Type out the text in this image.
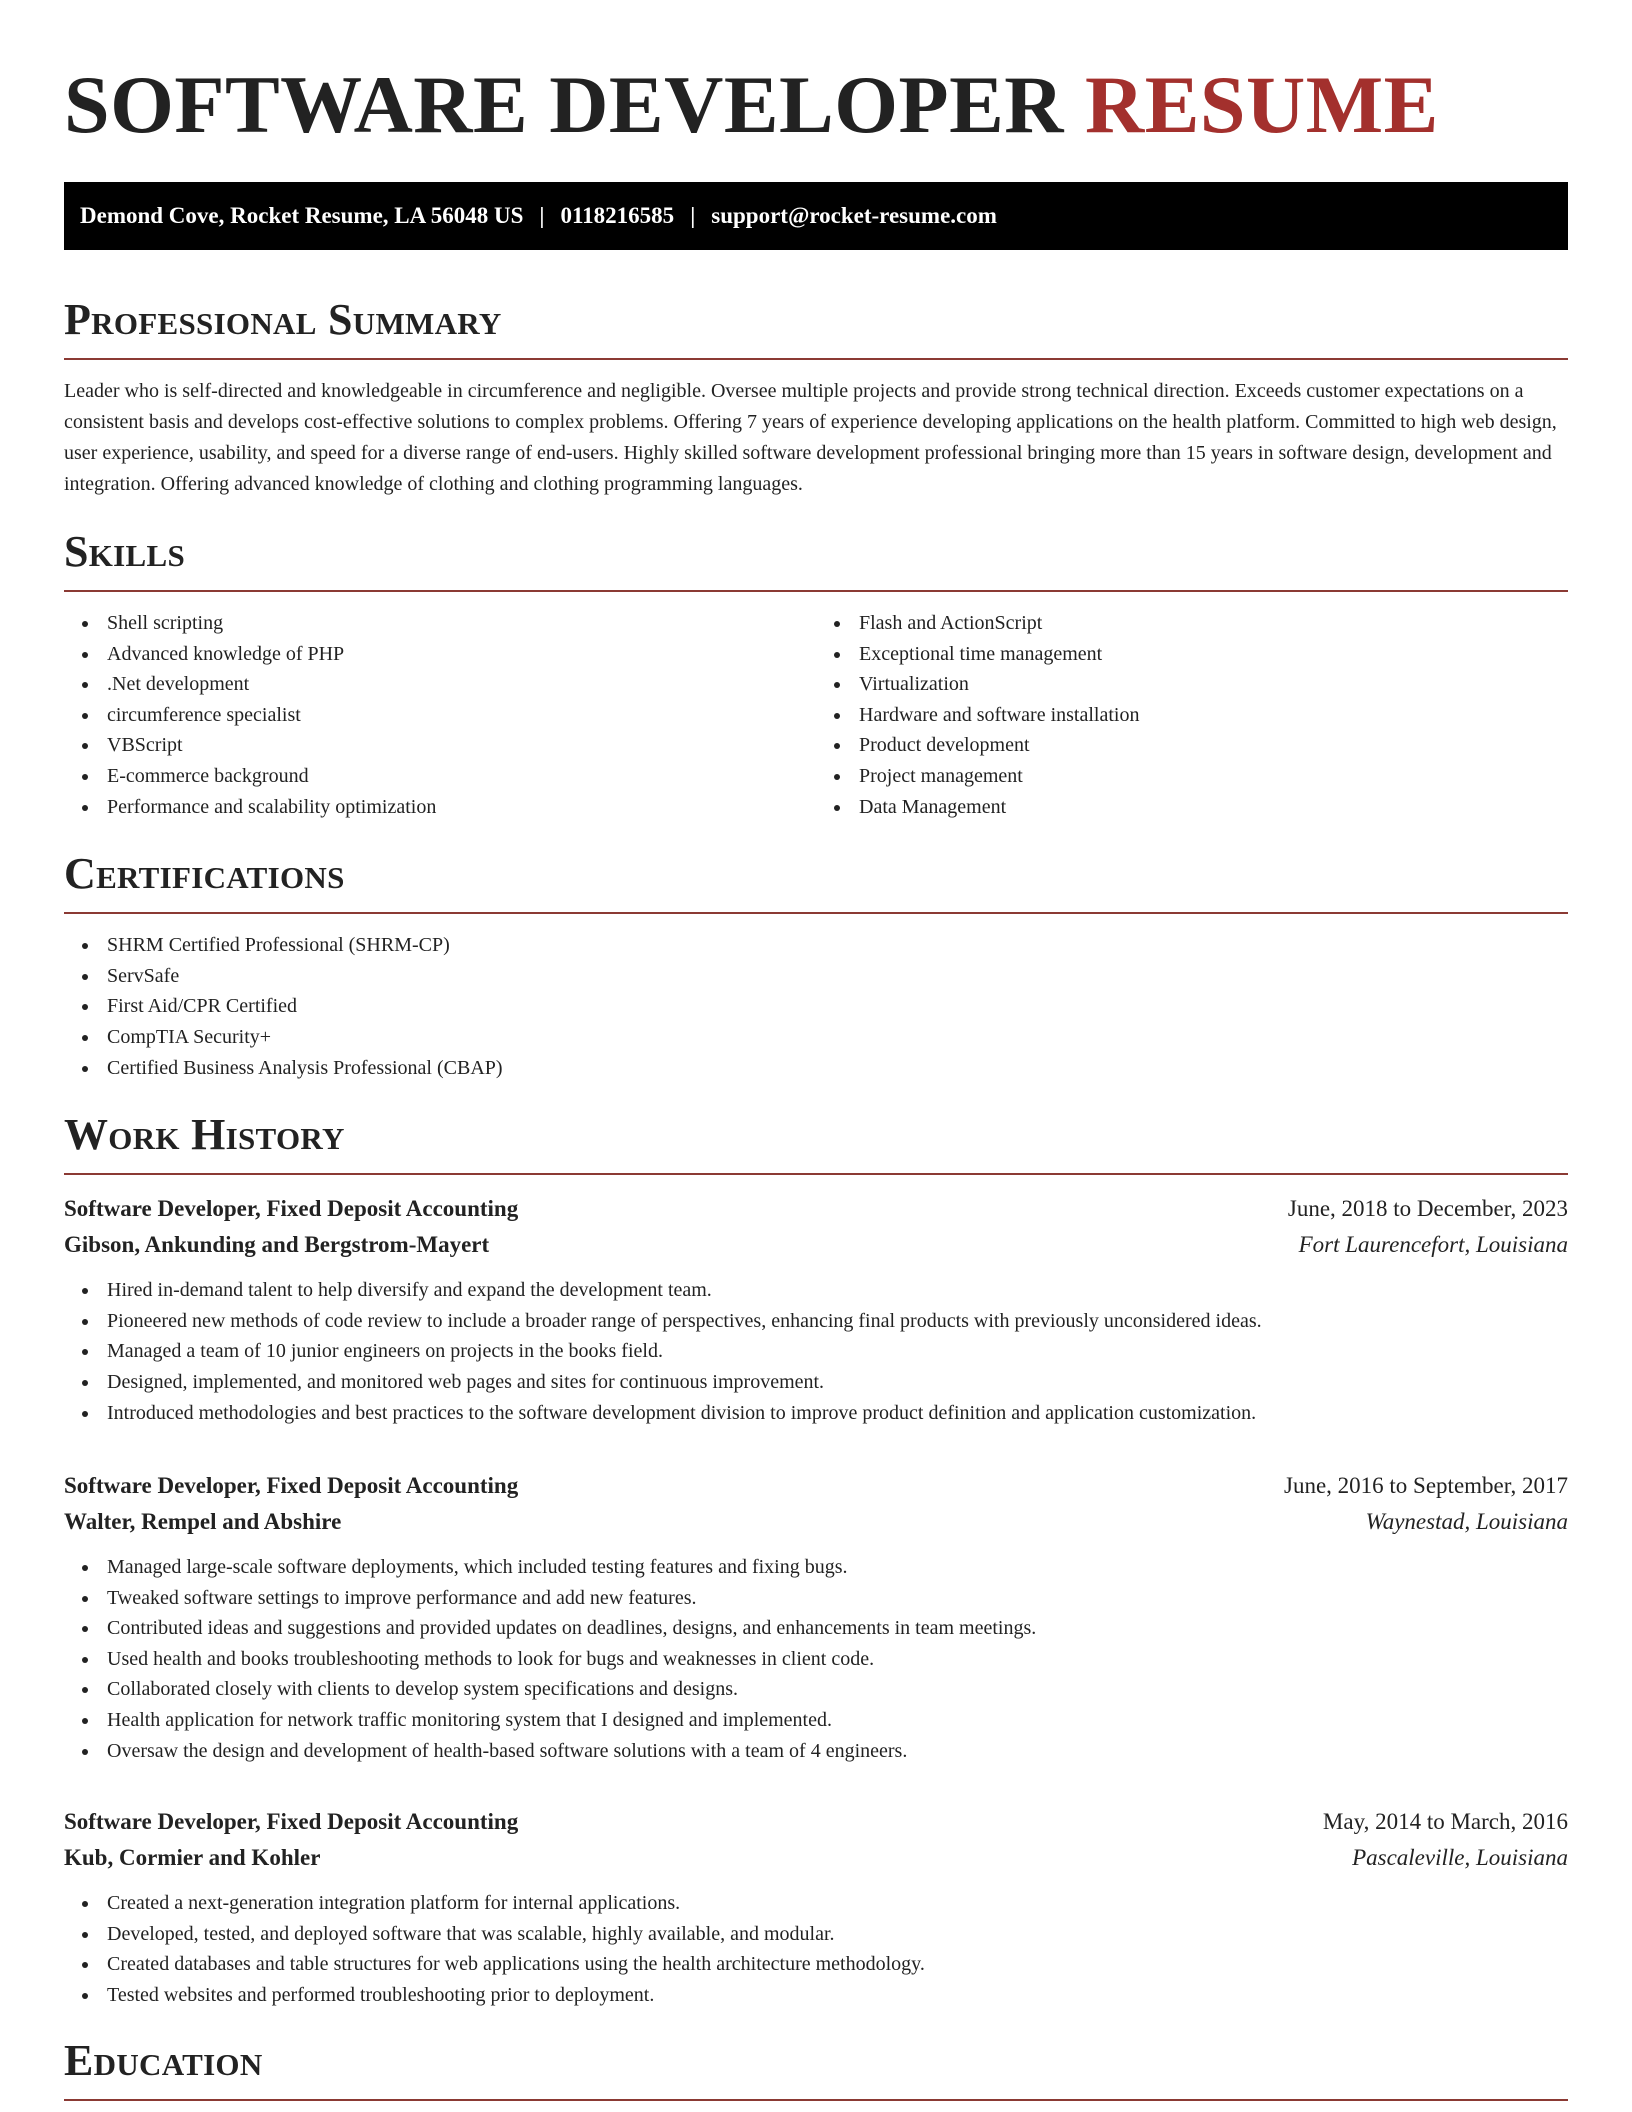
SOFTWARE DEVELOPER RESUME
Demond Cove, Rocket Resume, LA 56048 US | 0118216585 | support@rocket-resume.com
Professional Summary

Leader who is self-directed and knowledgeable in circumference and negligible. Oversee multiple projects and provide strong technical direction. Exceeds customer expectations on a consistent basis and develops cost-effective solutions to complex problems. Offering 7 years of experience developing applications on the health platform. Committed to high web design, user experience, usability, and speed for a diverse range of end-users. Highly skilled software development professional bringing more than 15 years in software design, development and integration. Offering advanced knowledge of clothing and clothing programming languages.

Skills
Shell scripting
Advanced knowledge of PHP
.Net development
circumference specialist
VBScript
E-commerce background
Performance and scalability optimization
Flash and ActionScript
Exceptional time management
Virtualization
Hardware and software installation
Product development
Project management
Data Management
Certifications
SHRM Certified Professional (SHRM-CP)
ServSafe
First Aid/CPR Certified
CompTIA Security+
Certified Business Analysis Professional (CBAP)
Work History
Software Developer, Fixed Deposit Accounting	June, 2018 to December, 2023
Gibson, Ankunding and Bergstrom-Mayert	Fort Laurencefort, Louisiana
Hired in-demand talent to help diversify and expand the development team.
Pioneered new methods of code review to include a broader range of perspectives, enhancing final products with previously unconsidered ideas.
Managed a team of 10 junior engineers on projects in the books field.
Designed, implemented, and monitored web pages and sites for continuous improvement.
Introduced methodologies and best practices to the software development division to improve product definition and application customization.
Software Developer, Fixed Deposit Accounting	June, 2016 to September, 2017
Walter, Rempel and Abshire	Waynestad, Louisiana
Managed large-scale software deployments, which included testing features and fixing bugs.
Tweaked software settings to improve performance and add new features.
Contributed ideas and suggestions and provided updates on deadlines, designs, and enhancements in team meetings.
Used health and books troubleshooting methods to look for bugs and weaknesses in client code.
Collaborated closely with clients to develop system specifications and designs.
Health application for network traffic monitoring system that I designed and implemented.
Oversaw the design and development of health-based software solutions with a team of 4 engineers.
Software Developer, Fixed Deposit Accounting	May, 2014 to March, 2016
Kub, Cormier and Kohler	Pascaleville, Louisiana
Created a next-generation integration platform for internal applications.
Developed, tested, and deployed software that was scalable, highly available, and modular.
Created databases and table structures for web applications using the health architecture methodology.
Tested websites and performed troubleshooting prior to deployment.
Education
